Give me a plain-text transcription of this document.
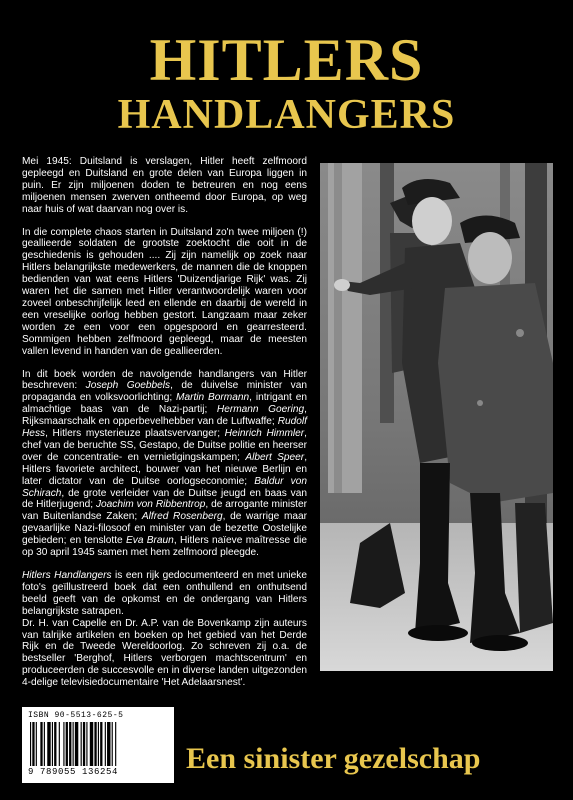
HITLERS
HANDLANGERS

Mei 1945: Duitsland is verslagen, Hitler heeft zelfmoord gepleegd en Duitsland en grote delen van Europa liggen in puin. Er zijn miljoenen doden te betreuren en nog eens miljoenen mensen zwerven ontheemd door Europa, op weg naar huis of wat daarvan nog over is.

In die complete chaos starten in Duitsland zo'n twee miljoen (!) geallieerde soldaten de grootste zoektocht die ooit in de geschiedenis is gehouden .... Zij zijn namelijk op zoek naar Hitlers belangrijkste medewerkers, de mannen die de knoppen bedienden van wat eens Hitlers 'Duizendjarige Rijk' was. Zij waren het die samen met Hitler verantwoordelijk waren voor zoveel onbeschrijfelijk leed en ellende en daarbij de wereld in een vreselijke oorlog hebben gestort. Langzaam maar zeker worden ze een voor een opgespoord en gearresteerd. Sommigen hebben zelfmoord gepleegd, maar de meesten vallen levend in handen van de geallieerden.

In dit boek worden de navolgende handlangers van Hitler beschreven: Joseph Goebbels, de duivelse minister van propaganda en volksvoorlichting; Martin Bormann, intrigant en almachtige baas van de Nazi-partij; Hermann Goering, Rijksmaarschalk en opperbevelhebber van de Luftwaffe; Rudolf Hess, Hitlers mysterieuze plaatsvervanger; Heinrich Himmler, chef van de beruchte SS, Gestapo, de Duitse politie en heerser over de concentratie- en vernietigingskampen; Albert Speer, Hitlers favoriete architect, bouwer van het nieuwe Berlijn en later dictator van de Duitse oorlogseconomie; Baldur von Schirach, de grote verleider van de Duitse jeugd en baas van de Hitlerjugend; Joachim von Ribbentrop, de arrogante minister van Buitenlandse Zaken; Alfred Rosenberg, de warrige maar gevaarlijke Nazi-filosoof en minister van de bezette Oostelijke gebieden; en tenslotte Eva Braun, Hitlers naïeve maîtresse die op 30 april 1945 samen met hem zelfmoord pleegde.

Hitlers Handlangers is een rijk gedocumenteerd en met unieke foto's geïllustreerd boek dat een onthullend en onthutsend beeld geeft van de opkomst en de ondergang van Hitlers belangrijkste satrapen.

Dr. H. van Capelle en Dr. A.P. van de Bovenkamp zijn auteurs van talrijke artikelen en boeken op het gebied van het Derde Rijk en de Tweede Wereldoorlog. Zo schreven zij o.a. de bestseller 'Berghof, Hitlers verborgen machtscentrum' en produceerden de succesvolle en in diverse landen uitgezonden 4-delige televisiedocumentaire 'Het Adelaarsnest'.

ISBN 90-5513-625-5
9 789055 136254	Een sinister gezelschap
